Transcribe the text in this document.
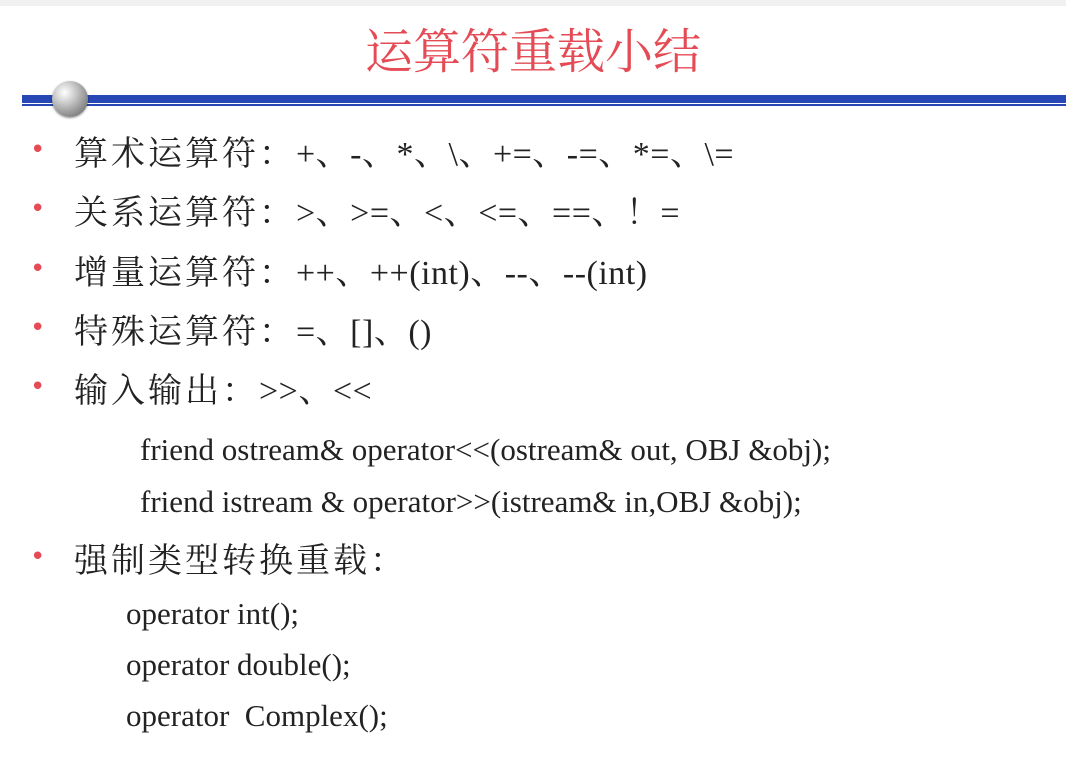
运算符重载小结
• 算术运算符： +、-、*、\、+=、-=、*=、\=
• 关系运算符： >、>=、<、<=、==、！=
• 增量运算符： ++、++(int)、--、--(int)
• 特殊运算符： =、[]、()
• 输入输出： >>、<<
friend ostream& operator<<(ostream& out, OBJ &obj);
friend istream & operator>>(istream& in,OBJ &obj);
• 强制类型转换重载：
operator int();
operator double();
operator  Complex();
